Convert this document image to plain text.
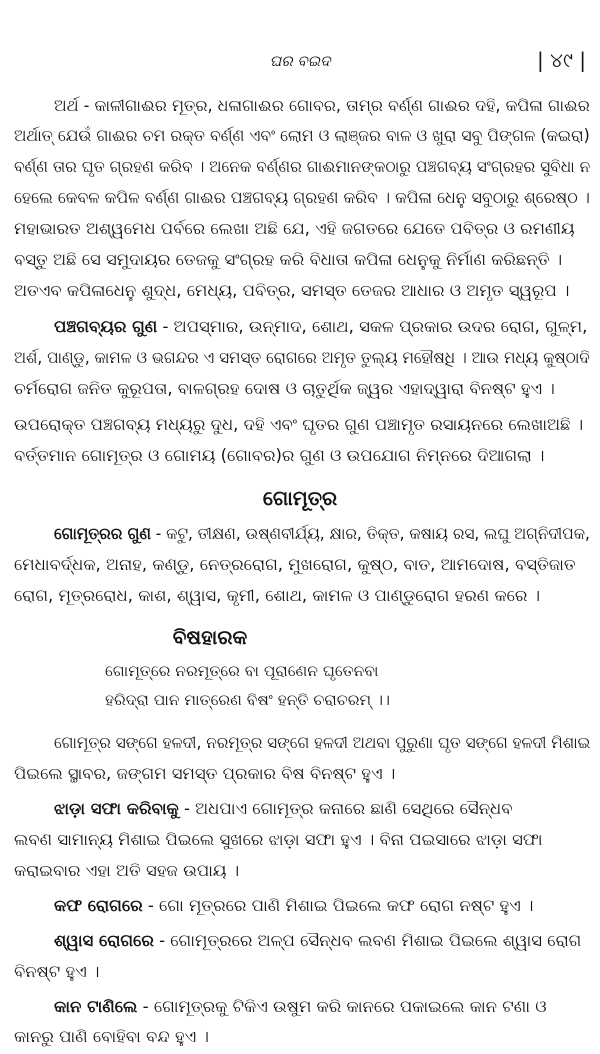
ଘର ବଇଦ	| ୪୯ |
ଅର୍ଥ - କାଳୀଗାଈର ମୂତ୍ର, ଧଳାଗାଈର ଗୋବର, ତାମ୍ର ବର୍ଣ୍ଣ ଗାଈର ଦହି, କପିଳା ଗାଈର
ଅର୍ଥାତ୍ ଯେଉଁ ଗାଈର ଚମ ରକ୍ତ ବର୍ଣ୍ଣ ଏବଂ ଲୋମ ଓ ଲାଞ୍ଜର ବାଳ ଓ ଖୁରା ସବୁ ପିଙ୍ଗଳ (କଇରା)
ବର୍ଣ୍ଣ ତାର ଘୃତ ଗ୍ରହଣ କରିବ । ଅନେକ ବର୍ଣ୍ଣର ଗାଈମାନଙ୍କଠାରୁ ପଞ୍ଚଗବ୍ୟ ସଂଗ୍ରହର ସୁବିଧା ନ
ହେଲେ କେବଳ କପିଳ ବର୍ଣ୍ଣ ଗାଈର ପଞ୍ଚଗବ୍ୟ ଗ୍ରହଣ କରିବ । କପିଳା ଧେନୁ ସବୁଠାରୁ ଶ୍ରେଷ୍ଠ ।
ମହାଭାରତ ଅଶ୍ୱମେଧ ପର୍ବରେ ଲେଖା ଅଛି ଯେ, ଏହି ଜଗତରେ ଯେତେ ପବିତ୍ର ଓ ରମଣୀୟ
ବସ୍ତୁ ଅଛି ସେ ସମୁଦାୟର ତେଜକୁ ସଂଗ୍ରହ କରି ବିଧାତା କପିଳା ଧେନୁକୁ ନିର୍ମାଣ କରିଛନ୍ତି ।
ଅତଏବ କପିଳାଧେନୁ ଶୁଦ୍ଧ, ମେଧ୍ୟ, ପବିତ୍ର, ସମସ୍ତ ତେଜର ଆଧାର ଓ ଅମୃତ ସ୍ୱରୂପ ।
ପଞ୍ଚଗବ୍ୟର ଗୁଣ - ଅପସ୍ମାର, ଉନ୍ମାଦ, ଶୋଥ, ସକଳ ପ୍ରକାର ଉଦର ରୋଗ, ଗୁଳ୍ମ,
ଅର୍ଶ, ପାଣ୍ଡୁ, କାମଳ ଓ ଭଗନ୍ଦର ଏ ସମସ୍ତ ରୋଗରେ ଅମୃତ ତୁଲ୍ୟ ମହୌଷଧି । ଆଉ ମଧ୍ୟ କୁଷ୍ଠାଦି
ଚର୍ମରୋଗ ଜନିତ କୁରୂପତା, ବାଳଗ୍ରହ ଦୋଷ ଓ ଚାତୁର୍ଥିକ ଜ୍ୱର ଏହାଦ୍ୱାରା ବିନଷ୍ଟ ହୁଏ ।
ଉପରୋକ୍ତ ପଞ୍ଚଗବ୍ୟ ମଧ୍ୟରୁ ଦୁଧ, ଦହି ଏବଂ ଘୃତର ଗୁଣ ପଞ୍ଚାମୃତ ରସାୟନରେ ଲେଖାଅଛି ।
ବର୍ତ୍ତମାନ ଗୋମୂତ୍ର ଓ ଗୋମୟ (ଗୋବର)ର ଗୁଣ ଓ ଉପଯୋଗ ନିମ୍ନରେ ଦିଆଗଲା ।
ଗୋମୂତ୍ର
ଗୋମୂତ୍ରର ଗୁଣ - କଟୁ, ତୀକ୍ଷଣ, ଉଷ୍ଣବୀର୍ଯ୍ୟ, କ୍ଷାର, ତିକ୍ତ, କଷାୟ ରସ, ଲଘୁ ଅଗ୍ନିଦୀପକ,
ମେଧାବର୍ଦ୍ଧକ, ଅନାହ, କଣ୍ଡୁ, ନେତ୍ରରୋଗ, ମୁଖରୋଗ, କୁଷ୍ଠ, ବାତ, ଆମଦୋଷ, ବସ୍ତିଜାତ
ରୋଗ, ମୂତ୍ରରୋଧ, କାଶ, ଶ୍ୱାସ, କୃମୀ, ଶୋଥ, କାମଳ ଓ ପାଣ୍ଡୁରୋଗ ହରଣ କରେ ।
ବିଷହାରକ
ଗୋମୂତ୍ରେ ନରମୂତ୍ରେ ବା ପୂରାଣେନ ଘୃତେନବା
ହରିଦ୍ରା ପାନ ମାତ୍ରେଣ ବିଷଂ ହନ୍ତି ଚରାଚରମ୍ ।।
ଗୋମୂତ୍ର ସଙ୍ଗେ ହଳଦୀ, ନରମୂତ୍ର ସଙ୍ଗେ ହଳଦୀ ଅଥବା ପୁରୁଣା ଘୃତ ସଙ୍ଗେ ହଳଦୀ ମିଶାଇ
ପିଇଲେ ସ୍ଥାବର, ଜଙ୍ଗମ ସମସ୍ତ ପ୍ରକାର ବିଷ ବିନଷ୍ଟ ହୁଏ ।
ଝାଡ଼ା ସଫା କରିବାକୁ - ଅଧପାଏ ଗୋମୂତ୍ର କନାରେ ଛାଣି ସେଥିରେ ସୈନ୍ଧବ
ଲବଣ ସାମାନ୍ୟ ମିଶାଇ ପିଇଲେ ସୁଖରେ ଝାଡ଼ା ସଫା ହୁଏ । ବିନା ପଇସାରେ ଝାଡ଼ା ସଫା
କରାଇବାର ଏହା ଅତି ସହଜ ଉପାୟ ।
କଫ ରୋଗରେ - ଗୋ ମୂତ୍ରରେ ପାଣି ମିଶାଇ ପିଇଲେ କଫ ରୋଗ ନଷ୍ଟ ହୁଏ ।
ଶ୍ୱାସ ରୋଗରେ - ଗୋମୂତ୍ରରେ ଅଳ୍ପ ସୈନ୍ଧବ ଲବଣ ମିଶାଇ ପିଇଲେ ଶ୍ୱାସ ରୋଗ
ବିନଷ୍ଟ ହୁଏ ।
କାନ ଟାଣିଲେ - ଗୋମୂତ୍ରକୁ ଟିକିଏ ଉଷୁମ କରି କାନରେ ପକାଇଲେ କାନ ଟଣା ଓ
କାନରୁ ପାଣି ବୋହିବା ବନ୍ଦ ହୁଏ ।
